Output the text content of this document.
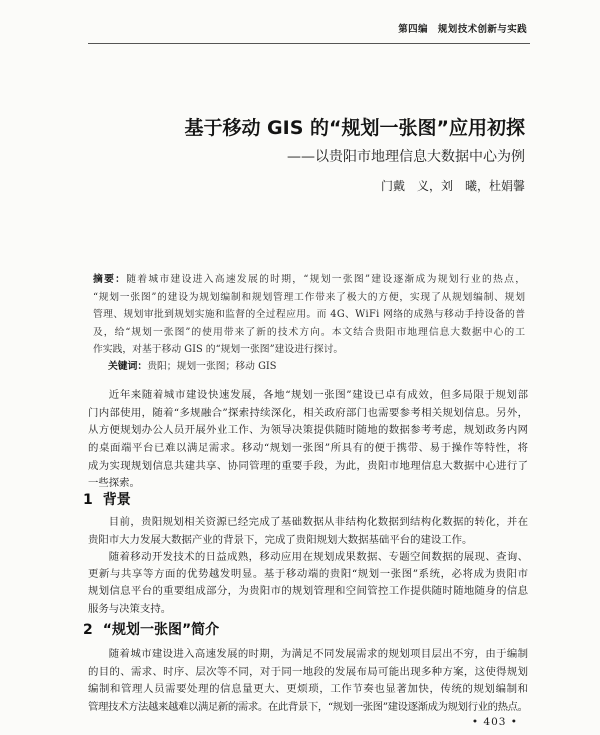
第四编 规划技术创新与实践
基于移动 GIS 的“规划一张图”应用初探
——以贵阳市地理信息大数据中心为例
门戴　义，刘　曦，杜娟馨
摘要：随着城市建设进入高速发展的时期，“规划一张图”建设逐渐成为规划行业的热点，
“规划一张图”的建设为规划编制和规划管理工作带来了极大的方便，实现了从规划编制、规划
管理、规划审批到规划实施和监督的全过程应用。而 4G、WiFi 网络的成熟与移动手持设备的普
及，给“规划一张图”的使用带来了新的技术方向。本文结合贵阳市地理信息大数据中心的工
作实践，对基于移动 GIS 的“规划一张图”建设进行探讨。
关键词：贵阳；规划一张图；移动 GIS
近年来随着城市建设快速发展，各地“规划一张图”建设已卓有成效，但多局限于规划部
门内部使用，随着“多规融合”探索持续深化，相关政府部门也需要参考相关规划信息。另外，
从方便规划办公人员开展外业工作、为领导决策提供随时随地的数据参考考虑，规划政务内网
的桌面端平台已难以满足需求。移动“规划一张图”所具有的便于携带、易于操作等特性，将
成为实现规划信息共建共享、协同管理的重要手段，为此，贵阳市地理信息大数据中心进行了
一些探索。
1 背景
目前，贵阳规划相关资源已经完成了基础数据从非结构化数据到结构化数据的转化，并在
贵阳市大力发展大数据产业的背景下，完成了贵阳规划大数据基础平台的建设工作。
随着移动开发技术的日益成熟，移动应用在规划成果数据、专题空间数据的展现、查询、
更新与共享等方面的优势越发明显。基于移动端的贵阳“规划一张图”系统，必将成为贵阳市
规划信息平台的重要组成部分，为贵阳市的规划管理和空间管控工作提供随时随地随身的信息
服务与决策支持。
2 “规划一张图”简介
随着城市建设进入高速发展的时期，为满足不同发展需求的规划项目层出不穷，由于编制
的目的、需求、时序、层次等不同，对于同一地段的发展布局可能出现多种方案，这使得规划
编制和管理人员需要处理的信息量更大、更烦琐，工作节奏也显著加快，传统的规划编制和
管理技术方法越来越难以满足新的需求。在此背景下，“规划一张图”建设逐渐成为规划行业的热点。
• 403 •
